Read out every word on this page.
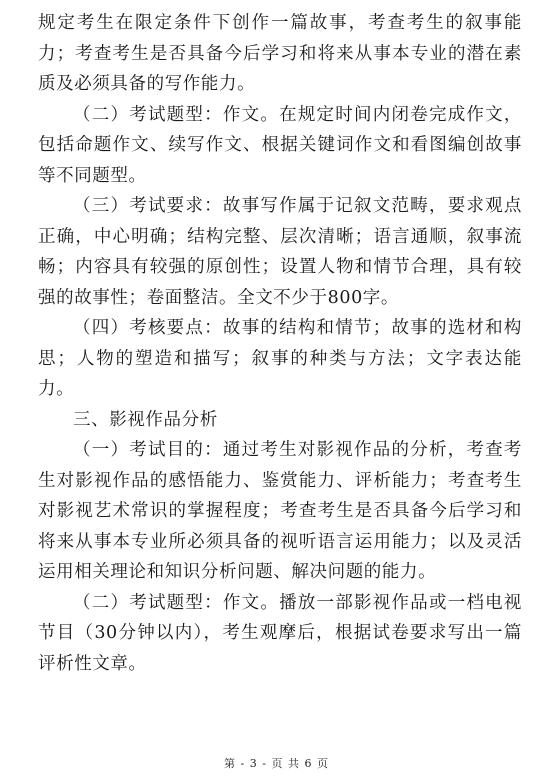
规定考生在限定条件下创作一篇故事，考查考生的叙事能力；考查考生是否具备今后学习和将来从事本专业的潜在素质及必须具备的写作能力。

（二）考试题型：作文。在规定时间内闭卷完成作文，包括命题作文、续写作文、根据关键词作文和看图编创故事等不同题型。

（三）考试要求：故事写作属于记叙文范畴，要求观点正确，中心明确；结构完整、层次清晰；语言通顺，叙事流畅；内容具有较强的原创性；设置人物和情节合理，具有较强的故事性；卷面整洁。全文不少于800字。

（四）考核要点：故事的结构和情节；故事的选材和构思；人物的塑造和描写；叙事的种类与方法；文字表达能力。

三、影视作品分析

（一）考试目的：通过考生对影视作品的分析，考查考生对影视作品的感悟能力、鉴赏能力、评析能力；考查考生对影视艺术常识的掌握程度；考查考生是否具备今后学习和将来从事本专业所必须具备的视听语言运用能力；以及灵活运用相关理论和知识分析问题、解决问题的能力。

（二）考试题型：作文。播放一部影视作品或一档电视节目（30分钟以内），考生观摩后，根据试卷要求写出一篇评析性文章。

第 - 3 - 页 共 6 页
